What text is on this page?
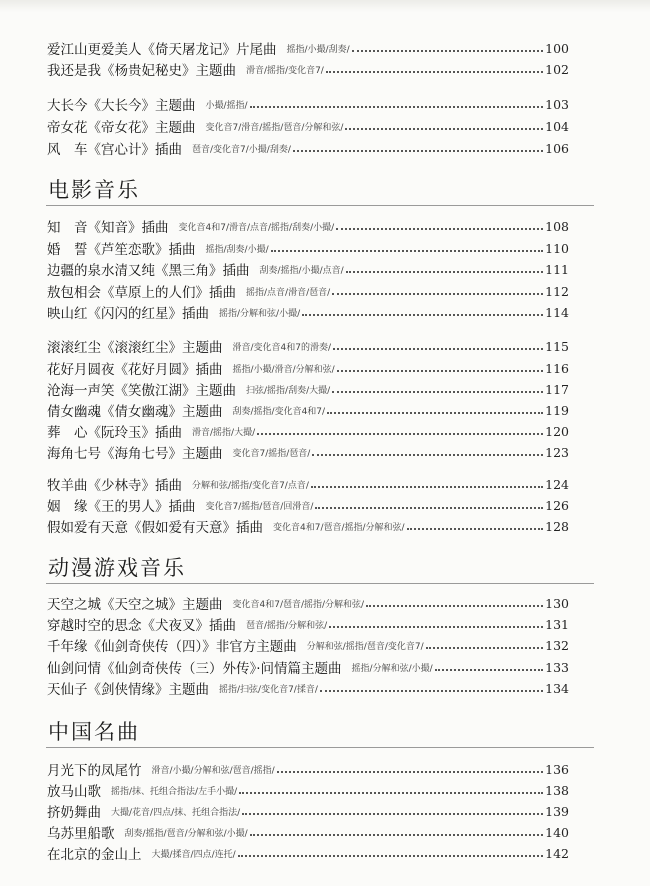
电影音乐
动漫游戏音乐
中国名曲
爱江山更爱美人《倚天屠龙记》片尾曲 摇指/小撮/刮奏/	100
我还是我《杨贵妃秘史》主题曲 滑音/摇指/变化音7/	102
大长今《大长今》主题曲 小撮/摇指/	103
帝女花《帝女花》主题曲 变化音7/滑音/摇指/琶音/分解和弦/	104
风　车《宫心计》插曲 琶音/变化音7/小撮/刮奏/	106
知　音《知音》插曲 变化音4和7/滑音/点音/摇指/刮奏/小撮/	108
婚　誓《芦笙恋歌》插曲 摇指/刮奏/小撮/	110
边疆的泉水清又纯《黑三角》插曲 刮奏/摇指/小撮/点音/	111
敖包相会《草原上的人们》插曲 摇指/点音/滑音/琶音/	112
映山红《闪闪的红星》插曲 摇指/分解和弦/小撮/	114
滚滚红尘《滚滚红尘》主题曲 滑音/变化音4和7的滑奏/	115
花好月圆夜《花好月圆》插曲 摇指/小撮/滑音/分解和弦/	116
沧海一声笑《笑傲江湖》主题曲 扫弦/摇指/刮奏/大撮/	117
倩女幽魂《倩女幽魂》主题曲 刮奏/摇指/变化音4和7/	119
葬　心《阮玲玉》插曲 滑音/摇指/大撮/	120
海角七号《海角七号》主题曲 变化音7/摇指/琶音/	123
牧羊曲《少林寺》插曲 分解和弦/摇指/变化音7/点音/	124
姻　缘《王的男人》插曲 变化音7/摇指/琶音/回滑音/	126
假如爱有天意《假如爱有天意》插曲 变化音4和7/琶音/摇指/分解和弦/	128
天空之城《天空之城》主题曲 变化音4和7/琶音/摇指/分解和弦/	130
穿越时空的思念《犬夜叉》插曲 琶音/摇指/分解和弦/	131
千年缘《仙剑奇侠传（四）》非官方主题曲 分解和弦/摇指/琶音/变化音7/	132
仙剑问情《仙剑奇侠传（三）外传》·问情篇主题曲 摇指/分解和弦/小撮/	133
天仙子《剑侠情缘》主题曲 摇指/扫弦/变化音7/揉音/	134
月光下的凤尾竹 滑音/小撮/分解和弦/琶音/摇指/	136
放马山歌 摇指/抹、托组合指法/左手小撮/	138
挤奶舞曲 大撮/花音/四点/抹、托组合指法/	139
乌苏里船歌 刮奏/摇指/琶音/分解和弦/小撮/	140
在北京的金山上 大撮/揉音/四点/连托/	142
